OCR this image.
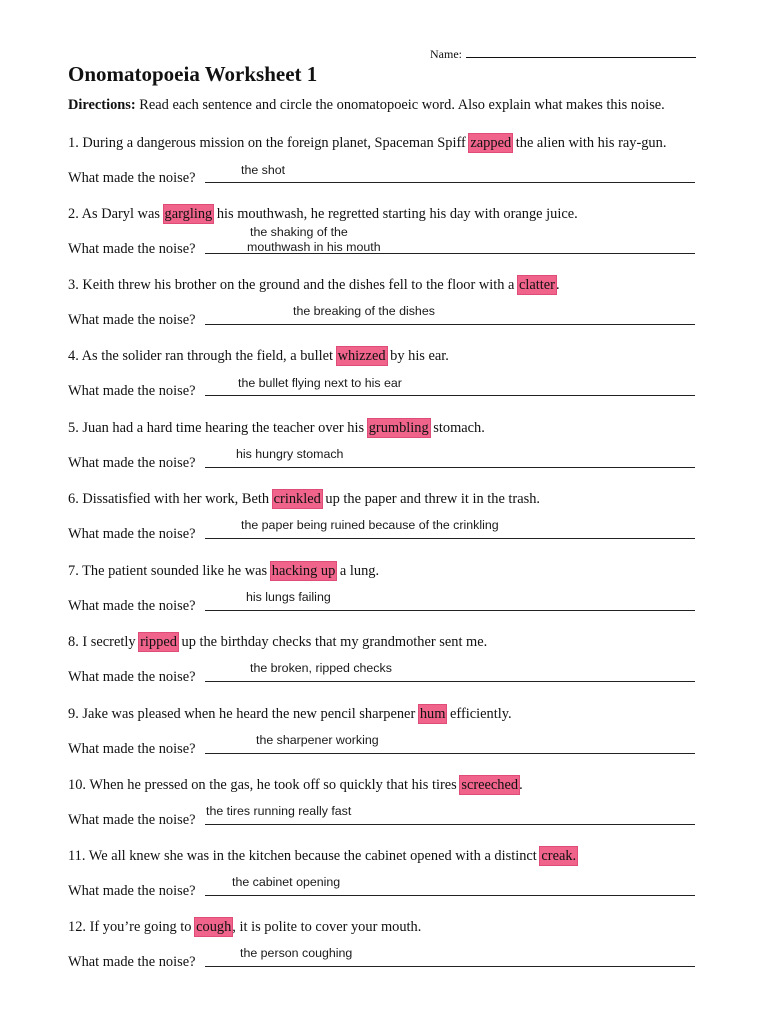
Name:
Onomatopoeia Worksheet 1
Directions: Read each sentence and circle the onomatopoeic word. Also explain what makes this noise.
1. During a dangerous mission on the foreign planet, Spaceman Spiff zapped the alien with his ray-gun.
What made the noise?	the shot
2. As Daryl was gargling his mouthwash, he regretted starting his day with orange juice.
What made the noise?
the shaking of the
mouthwash in his mouth
3. Keith threw his brother on the ground and the dishes fell to the floor with a clatter.
What made the noise?
the breaking of the dishes
4. As the solider ran through the field, a bullet whizzed by his ear.
What made the noise?	the bullet flying next to his ear
5. Juan had a hard time hearing the teacher over his grumbling stomach.
What made the noise?
his hungry stomach
6. Dissatisfied with her work, Beth crinkled up the paper and threw it in the trash.
What made the noise?
the paper being ruined because of the crinkling
7. The patient sounded like he was hacking up a lung.
What made the noise?
his lungs failing
8. I secretly ripped up the birthday checks that my grandmother sent me.
What made the noise?
the broken, ripped checks
9. Jake was pleased when he heard the new pencil sharpener hum efficiently.
What made the noise?
the sharpener working
10. When he pressed on the gas, he took off so quickly that his tires screeched.
What made the noise?
the tires running really fast
11. We all knew she was in the kitchen because the cabinet opened with a distinct creak.
What made the noise?
the cabinet opening
12. If you’re going to cough, it is polite to cover your mouth.
What made the noise?
the person coughing
